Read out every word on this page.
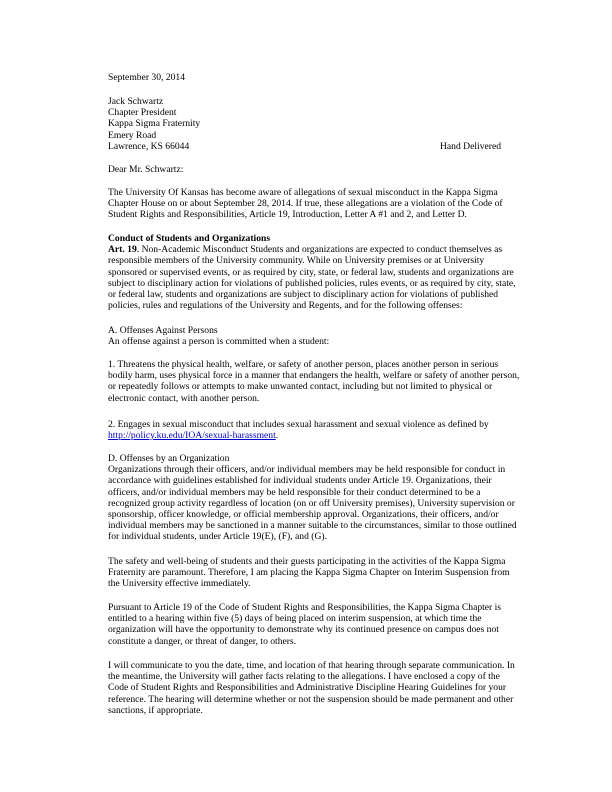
September 30, 2014
Jack Schwartz
Chapter President
Kappa Sigma Fraternity
Emery Road
Lawrence, KS 66044	Hand Delivered
Dear Mr. Schwartz:

The University Of Kansas has become aware of allegations of sexual misconduct in the Kappa Sigma Chapter House on or about September 28, 2014. If true, these allegations are a violation of the Code of Student Rights and Responsibilities, Article 19, Introduction, Letter A #1 and 2, and Letter D.

Conduct of Students and Organizations

Art. 19. Non-Academic Misconduct Students and organizations are expected to conduct themselves as responsible members of the University community. While on University premises or at University sponsored or supervised events, or as required by city, state, or federal law, students and organizations are subject to disciplinary action for violations of published policies, rules events, or as required by city, state, or federal law, students and organizations are subject to disciplinary action for violations of published policies, rules and regulations of the University and Regents, and for the following offenses:

A. Offenses Against Persons
An offense against a person is committed when a student:

1. Threatens the physical health, welfare, or safety of another person, places another person in serious bodily harm, uses physical force in a manner that endangers the health, welfare or safety of another person, or repeatedly follows or attempts to make unwanted contact, including but not limited to physical or electronic contact, with another person.

2. Engages in sexual misconduct that includes sexual harassment and sexual violence as defined by http://policy.ku.edu/IOA/sexual-harassment.

D. Offenses by an Organization

Organizations through their officers, and/or individual members may be held responsible for conduct in accordance with guidelines established for individual students under Article 19. Organizations, their officers, and/or individual members may be held responsible for their conduct determined to be a recognized group activity regardless of location (on or off University premises), University supervision or sponsorship, officer knowledge, or official membership approval. Organizations, their officers, and/or individual members may be sanctioned in a manner suitable to the circumstances, similar to those outlined for individual students, under Article 19(E), (F), and (G).

The safety and well-being of students and their guests participating in the activities of the Kappa Sigma Fraternity are paramount. Therefore, I am placing the Kappa Sigma Chapter on Interim Suspension from the University effective immediately.

Pursuant to Article 19 of the Code of Student Rights and Responsibilities, the Kappa Sigma Chapter is entitled to a hearing within five (5) days of being placed on interim suspension, at which time the organization will have the opportunity to demonstrate why its continued presence on campus does not constitute a danger, or threat of danger, to others.

I will communicate to you the date, time, and location of that hearing through separate communication. In the meantime, the University will gather facts relating to the allegations. I have enclosed a copy of the Code of Student Rights and Responsibilities and Administrative Discipline Hearing Guidelines for your reference. The hearing will determine whether or not the suspension should be made permanent and other sanctions, if appropriate.
